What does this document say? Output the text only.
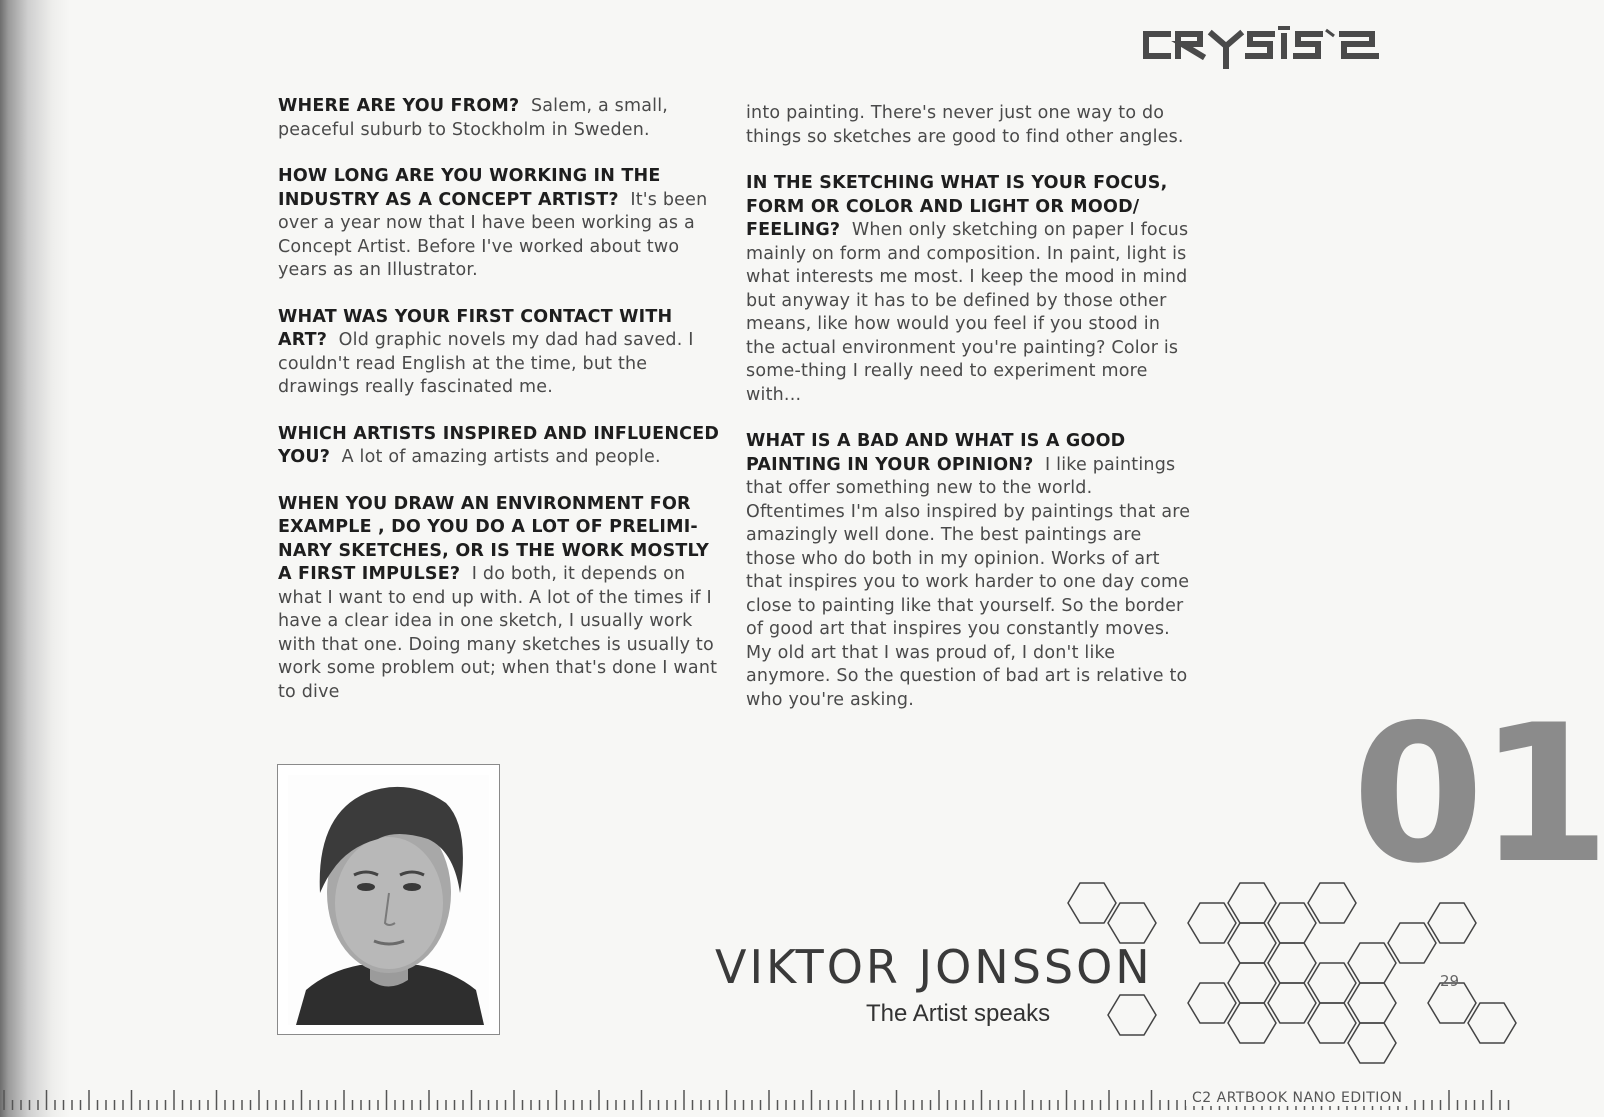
WHERE ARE YOU FROM? Salem, a small, peaceful suburb to Stockholm in Sweden.

HOW LONG ARE YOU WORKING IN THE INDUSTRY AS A CONCEPT ARTIST? It's been over a year now that I have been working as a Concept Artist. Before I've worked about two years as an Illustrator.

WHAT WAS YOUR FIRST CONTACT WITH ART? Old graphic novels my dad had saved. I couldn't read English at the time, but the drawings really fascinated me.

WHICH ARTISTS INSPIRED AND INFLUENCED YOU? A lot of amazing artists and people.

WHEN YOU DRAW AN ENVIRONMENT FOR EXAMPLE , DO YOU DO A LOT OF PRELIMI-NARY SKETCHES, OR IS THE WORK MOSTLY A FIRST IMPULSE? I do both, it depends on what I want to end up with. A lot of the times if I have a clear idea in one sketch, I usually work with that one. Doing many sketches is usually to work some problem out; when that's done I want to dive

into painting. There's never just one way to do things so sketches are good to find other angles.

IN THE SKETCHING WHAT IS YOUR FOCUS, FORM OR COLOR AND LIGHT OR MOOD/ FEELING? When only sketching on paper I focus mainly on form and composition. In paint, light is what interests me most. I keep the mood in mind but anyway it has to be defined by those other means, like how would you feel if you stood in the actual environment you're painting? Color is some-thing I really need to experiment more with...

WHAT IS A BAD AND WHAT IS A GOOD PAINTING IN YOUR OPINION? I like paintings that offer something new to the world. Oftentimes I'm also inspired by paintings that are amazingly well done. The best paintings are those who do both in my opinion. Works of art that inspires you to work harder to one day come close to painting like that yourself. So the border of good art that inspires you constantly moves. My old art that I was proud of, I don't like anymore. So the question of bad art is relative to who you're asking.	01
VIKTOR JONSSON
The Artist speaks
29
C2 ARTBOOK NANO EDITION
